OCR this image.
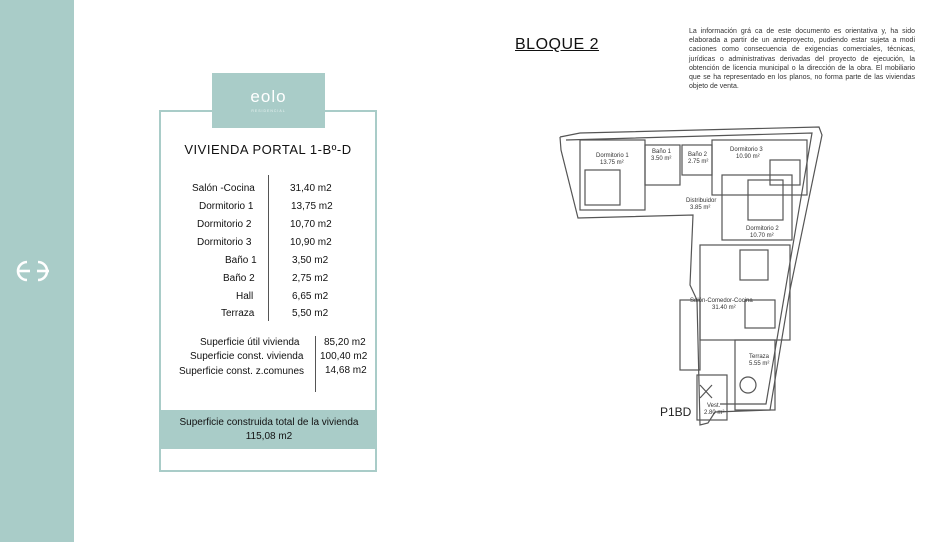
BLOQUE 2
La información grá ca de este documento es orientativa y, ha sido elaborada a partir de un anteproyecto, pudiendo estar sujeta a modi caciones como consecuencia de exigencias comerciales, técnicas, jurídicas o administrativas derivadas del proyecto de ejecución, la obtención de licencia municipal o la dirección de la obra. El mobiliario que se ha representado en los planos, no forma parte de las viviendas objeto de venta.
eolo
RESIDENCIAL
VIVIENDA PORTAL 1-Bº-D
Salón -Cocina	31,40 m2
Dormitorio 1	13,75 m2
Dormitorio 2	10,70 m2
Dormitorio 3	10,90 m2
Baño 1	3,50 m2
Baño 2	2,75 m2
Hall	6,65 m2
Terraza	5,50 m2
Superficie útil vivienda 85,20 m2
Superficie const. vivienda 100,40 m2
Superficie const. z.comunes 14,68 m2
Superficie construida total de la vivienda
115,08 m2
Dormitorio 1
13.75 m²
Baño 1
3.50 m²
Baño 2
2.75 m²
Dormitorio 3
10.90 m²
Distribuidor
3.85 m²
Dormitorio 2
10.70 m²
Salón-Comedor-Cocina
31.40 m²
Terraza
5.55 m²
Vest.
2.80 m²
P1BD
